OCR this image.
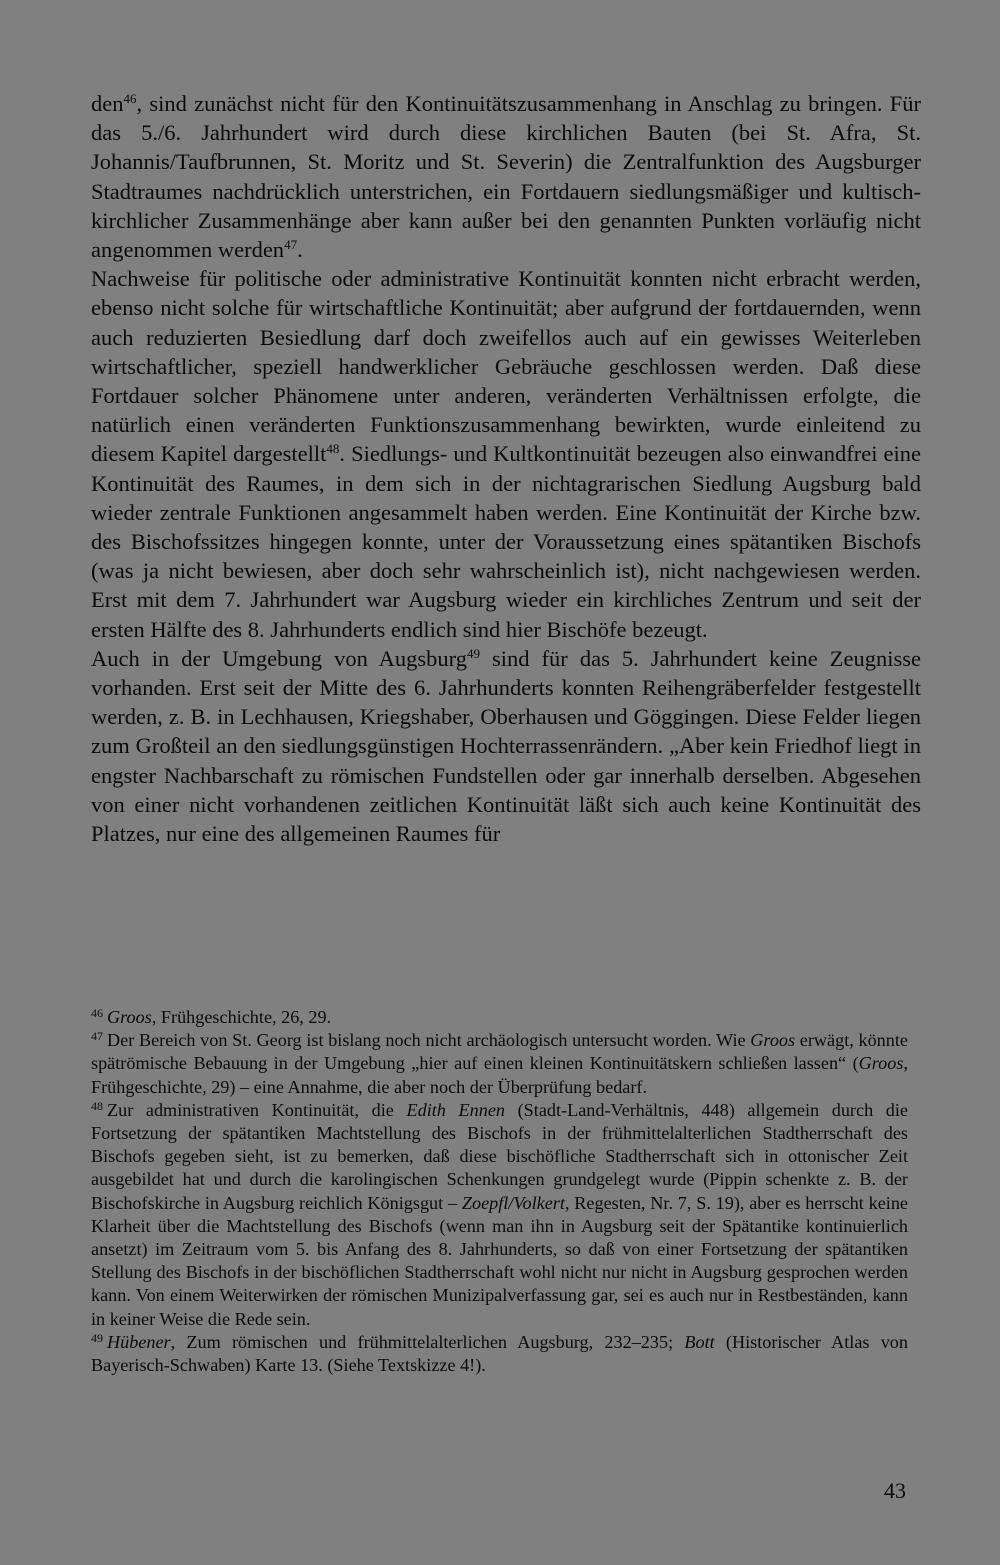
den$^{46}$, sind zunächst nicht für den Kontinuitätszusammenhang in Anschlag zu bringen. Für das 5./6. Jahrhundert wird durch diese kirchlichen Bauten (bei St. Afra, St. Johannis/Taufbrunnen, St. Moritz und St. Severin) die Zentralfunktion des Augsburger Stadtraumes nachdrücklich unterstrichen, ein Fortdauern siedlungsmäßiger und kultisch-kirchlicher Zusammenhänge aber kann außer bei den genannten Punkten vorläufig nicht angenommen werden$^{47}$.

Nachweise für politische oder administrative Kontinuität konnten nicht erbracht werden, ebenso nicht solche für wirtschaftliche Kontinuität; aber aufgrund der fortdauernden, wenn auch reduzierten Besiedlung darf doch zweifellos auch auf ein gewisses Weiterleben wirtschaftlicher, speziell handwerklicher Gebräuche geschlossen werden. Daß diese Fortdauer solcher Phänomene unter anderen, veränderten Verhältnissen erfolgte, die natürlich einen veränderten Funktionszusammenhang bewirkten, wurde einleitend zu diesem Kapitel dargestellt$^{48}$. Siedlungs- und Kultkontinuität bezeugen also einwandfrei eine Kontinuität des Raumes, in dem sich in der nichtagrarischen Siedlung Augsburg bald wieder zentrale Funktionen angesammelt haben werden. Eine Kontinuität der Kirche bzw. des Bischofssitzes hingegen konnte, unter der Voraussetzung eines spätantiken Bischofs (was ja nicht bewiesen, aber doch sehr wahrscheinlich ist), nicht nachgewiesen werden. Erst mit dem 7. Jahrhundert war Augsburg wieder ein kirchliches Zentrum und seit der ersten Hälfte des 8. Jahrhunderts endlich sind hier Bischöfe bezeugt.

Auch in der Umgebung von Augsburg$^{49}$ sind für das 5. Jahrhundert keine Zeugnisse vorhanden. Erst seit der Mitte des 6. Jahrhunderts konnten Reihengräberfelder festgestellt werden, z. B. in Lechhausen, Kriegshaber, Oberhausen und Göggingen. Diese Felder liegen zum Großteil an den siedlungsgünstigen Hochterrassenrändern. „Aber kein Friedhof liegt in engster Nachbarschaft zu römischen Fundstellen oder gar innerhalb derselben. Abgesehen von einer nicht vorhandenen zeitlichen Kontinuität läßt sich auch keine Kontinuität des Platzes, nur eine des allgemeinen Raumes für

$^{46}$ Groos, Frühgeschichte, 26, 29.

$^{47}$ Der Bereich von St. Georg ist bislang noch nicht archäologisch untersucht worden. Wie Groos erwägt, könnte spätrömische Bebauung in der Umgebung „hier auf einen kleinen Kontinuitätskern schließen lassen“ (Groos, Frühgeschichte, 29) – eine Annahme, die aber noch der Überprüfung bedarf.

$^{48}$ Zur administrativen Kontinuität, die Edith Ennen (Stadt-Land-Verhältnis, 448) allgemein durch die Fortsetzung der spätantiken Machtstellung des Bischofs in der frühmittelalterlichen Stadtherrschaft des Bischofs gegeben sieht, ist zu bemerken, daß diese bischöfliche Stadtherrschaft sich in ottonischer Zeit ausgebildet hat und durch die karolingischen Schenkungen grundgelegt wurde (Pippin schenkte z. B. der Bischofskirche in Augsburg reichlich Königsgut – Zoepfl/Volkert, Regesten, Nr. 7, S. 19), aber es herrscht keine Klarheit über die Machtstellung des Bischofs (wenn man ihn in Augsburg seit der Spätantike kontinuierlich ansetzt) im Zeitraum vom 5. bis Anfang des 8. Jahrhunderts, so daß von einer Fortsetzung der spätantiken Stellung des Bischofs in der bischöflichen Stadtherrschaft wohl nicht nur nicht in Augsburg gesprochen werden kann. Von einem Weiterwirken der römischen Munizipalverfassung gar, sei es auch nur in Restbeständen, kann in keiner Weise die Rede sein.

$^{49}$ Hübener, Zum römischen und frühmittelalterlichen Augsburg, 232–235; Bott (Historischer Atlas von Bayerisch-Schwaben) Karte 13. (Siehe Textskizze 4!).

43
